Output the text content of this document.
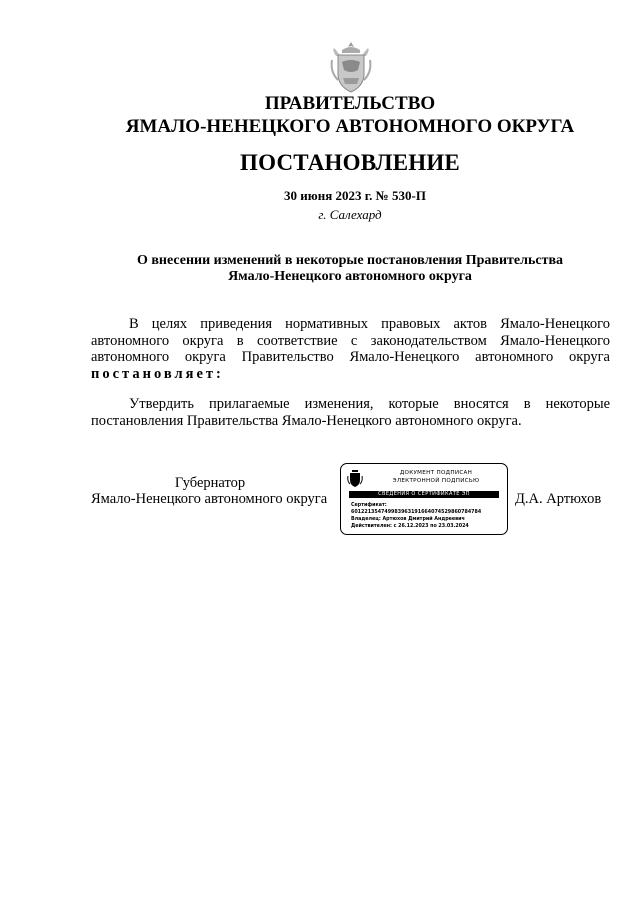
ПРАВИТЕЛЬСТВО
ЯМАЛО-НЕНЕЦКОГО АВТОНОМНОГО ОКРУГА
ПОСТАНОВЛЕНИЕ
30 июня 2023 г. № 530-П
г. Салехард
О внесении изменений в некоторые постановления Правительства
Ямало-Ненецкого автономного округа
В целях приведения нормативных правовых актов Ямало-Ненецкого
автономного округа в соответствие с законодательством Ямало-Ненецкого
автономного округа Правительство Ямало-Ненецкого автономного округа
постановляет:
Утвердить прилагаемые изменения, которые вносятся в некоторые
постановления Правительства Ямало-Ненецкого автономного округа.
Губернатор
Ямало-Ненецкого автономного округа	Д.А. Артюхов
ДОКУМЕНТ ПОДПИСАН
ЭЛЕКТРОННОЙ ПОДПИСЬЮ
СВЕДЕНИЯ О СЕРТИФИКАТЕ ЭП
Сертификат:
601221354749983963191664074529860784784
Владелец: Артюхов Дмитрий Андреевич
Действителен: с 26.12.2023 по 23.03.2024
